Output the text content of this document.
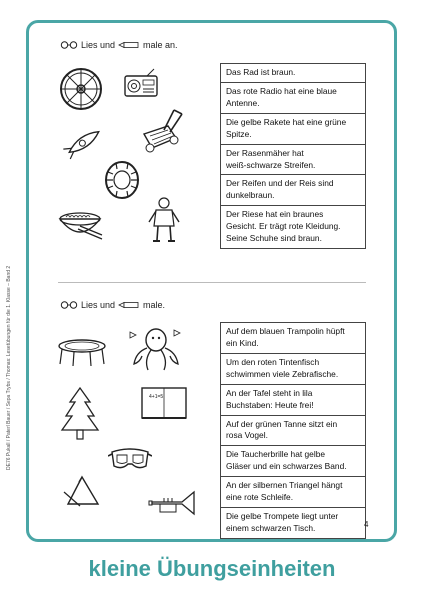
Lies und	male an.
Das Rad ist braun.

Das rote Radio hat eine blaue
Antenne.

Die gelbe Rakete hat eine grüne
Spitze.

Der Rasenmäher hat
weiß-schwarze Streifen.

Der Reifen und der Reis sind
dunkelbraun.

Der Riese hat ein braunes
Gesicht. Er trägt rote Kleidung.
Seine Schuhe sind braun.
Lies und	male.
4+1=5
Auf dem blauen Trampolin hüpft
ein Kind.

Um den roten Tintenfisch
schwimmen viele Zebrafische.

An der Tafel steht in lila
Buchstaben: Heute frei!

Auf der grünen Tanne sitzt ein
rosa Vogel.

Die Taucherbrille hat gelbe
Gläser und ein schwarzes Band.

An der silbernen Triangel hängt
eine rote Schleife.

Die gelbe Trompete liegt unter
einem schwarzen Tisch.
DE76 Pukall / Paterl Bauer / Sepa Trybs / Thomas: Lesetübungen für die 1. Klasse – Band 2
4
kleine Übungseinheiten
